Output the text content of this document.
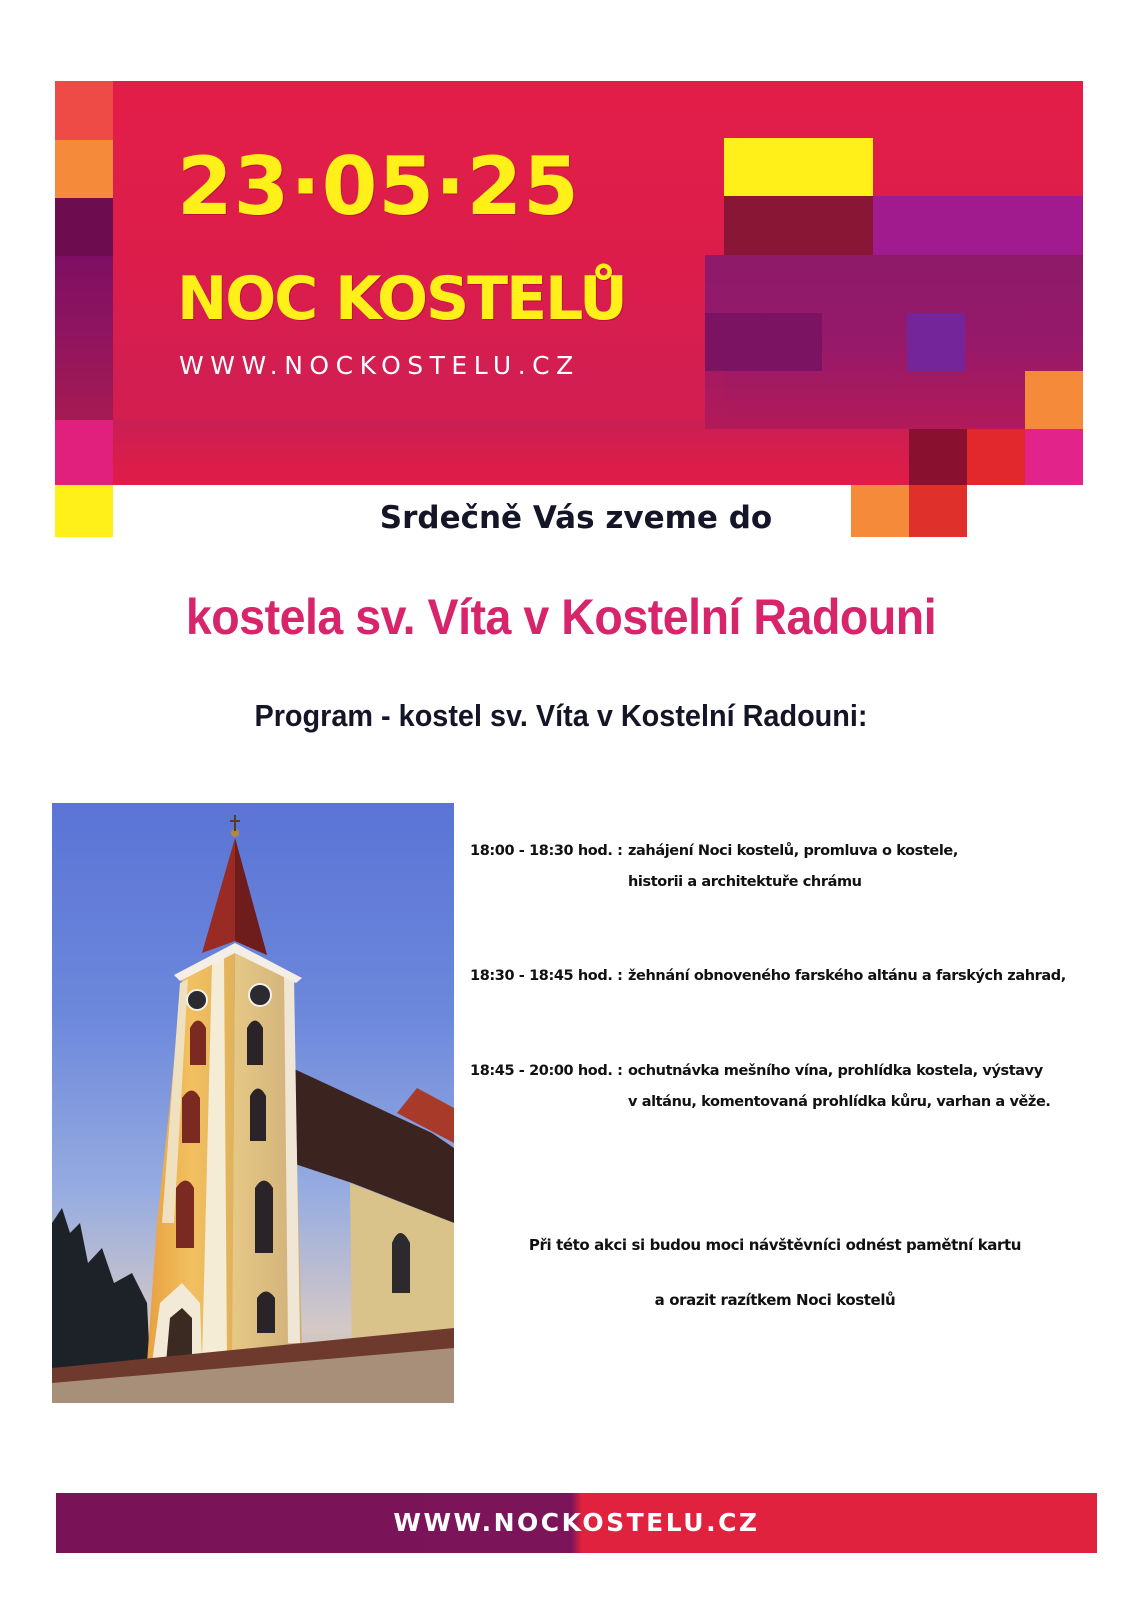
23·05·25
NOC KOSTELŮ
WWW.NOCKOSTELU.CZ
Srdečně Vás zveme do
kostela sv. Víta v Kostelní Radouni
Program - kostel sv. Víta v Kostelní Radouni:
18:00 - 18:30 hod. : zahájení Noci kostelů, promluva o kostele,
historii a architektuře chrámu
18:30 - 18:45 hod. : žehnání obnoveného farského altánu a farských zahrad,
18:45 - 20:00 hod. : ochutnávka mešního vína, prohlídka kostela, výstavy
v altánu, komentovaná prohlídka kůru, varhan a věže.
Při této akci si budou moci návštěvníci odnést pamětní kartu
a orazit razítkem Noci kostelů
WWW.NOCKOSTELU.CZ
